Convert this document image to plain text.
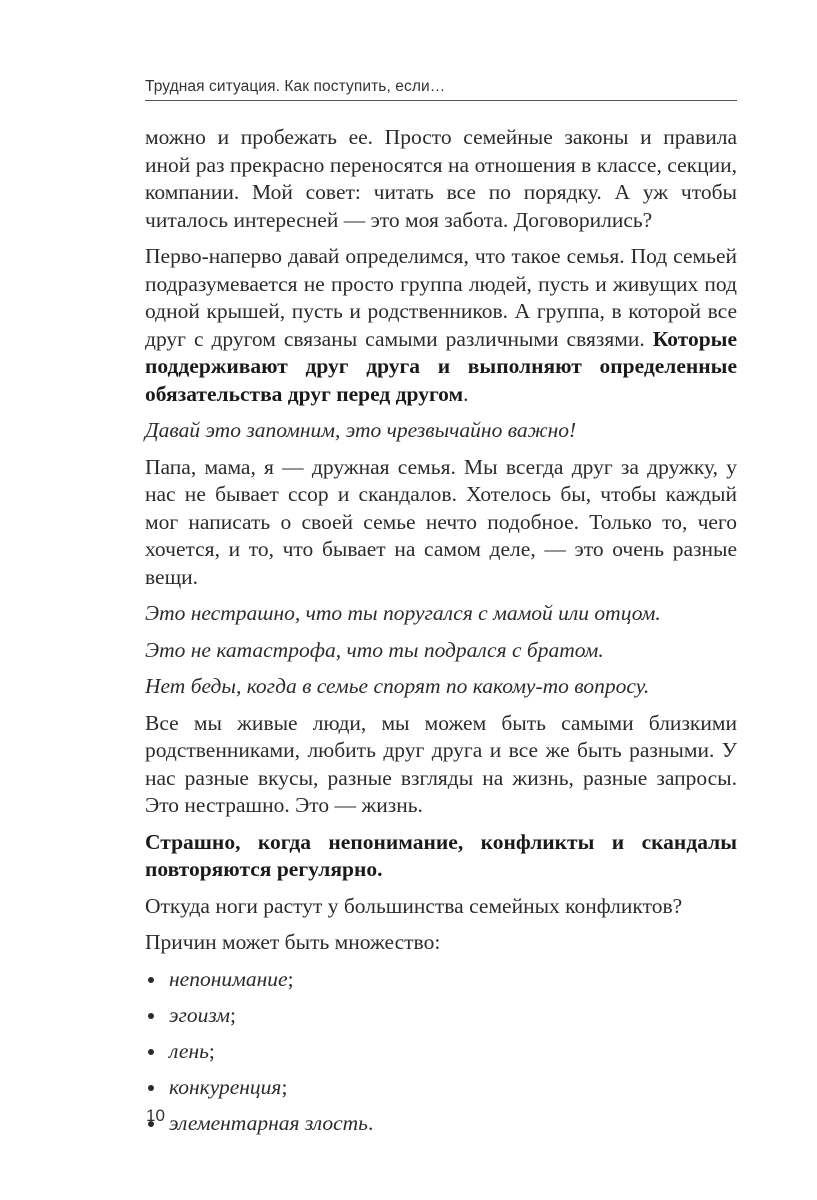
Трудная ситуация. Как поступить, если…

можно и пробежать ее. Просто семейные законы и правила иной раз прекрасно переносятся на отношения в классе, секции, компании. Мой совет: читать все по порядку. А уж чтобы читалось интересней — это моя забота. Договорились?

Перво-наперво давай определимся, что такое семья. Под семьей подразумевается не просто группа людей, пусть и живущих под одной крышей, пусть и родственников. А группа, в которой все друг с другом связаны самыми различными связями. Которые поддерживают друг друга и выполняют определенные обязательства друг перед другом.

Давай это запомним, это чрезвычайно важно!

Папа, мама, я — дружная семья. Мы всегда друг за дружку, у нас не бывает ссор и скандалов. Хотелось бы, чтобы каждый мог написать о своей семье нечто подобное. Только то, чего хочется, и то, что бывает на самом деле, — это очень разные вещи.

Это нестрашно, что ты поругался с мамой или отцом.

Это не катастрофа, что ты подрался с братом.

Нет беды, когда в семье спорят по какому-то вопросу.

Все мы живые люди, мы можем быть самыми близкими родственниками, любить друг друга и все же быть разными. У нас разные вкусы, разные взгляды на жизнь, разные запросы. Это нестрашно. Это — жизнь.

Страшно, когда непонимание, конфликты и скандалы повторяются регулярно.

Откуда ноги растут у большинства семейных конфликтов?

Причин может быть множество:

непонимание;
эгоизм;
лень;
конкуренция;
элементарная злость.
10
